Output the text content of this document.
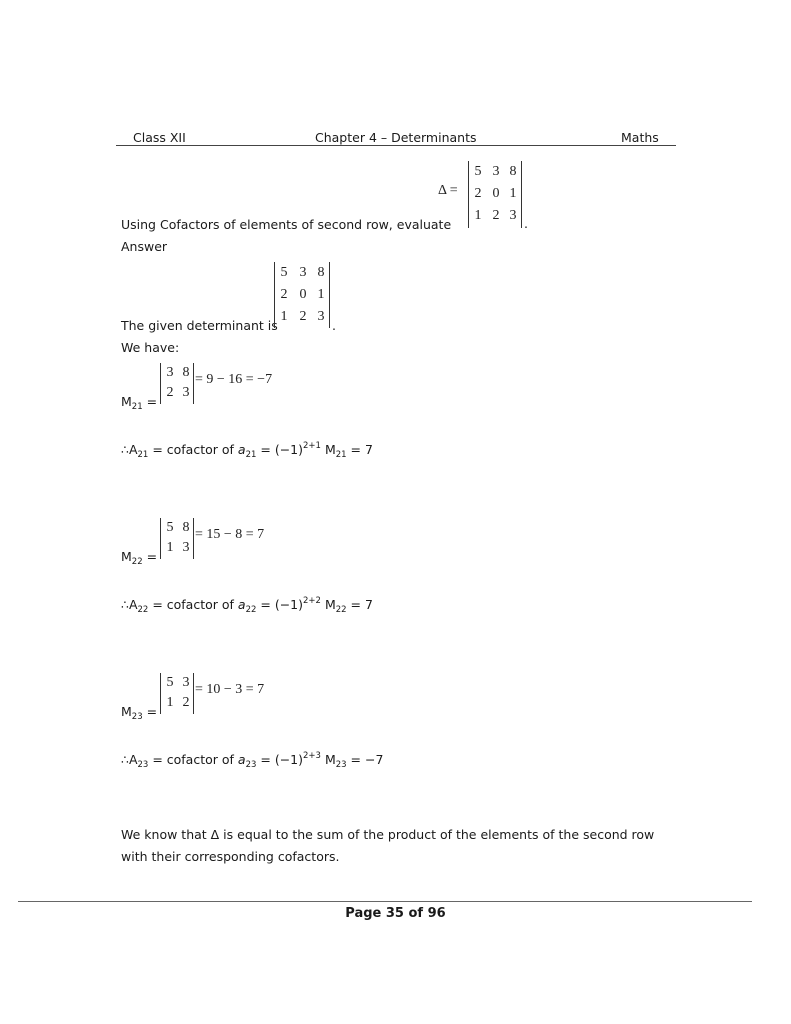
Class XII	Chapter 4 – Determinants	Maths
Using Cofactors of elements of second row, evaluate
Δ =
5	3	8
2	0	1
1	2	3
.
Answer
The given determinant is
5	3	8
2	0	1
1	2	3
.
We have:
$M_{21}$ =
3	8
2	3
= 9 − 16 = −7
$\therefore A_{21}$ = cofactor of $a_{21} = (-1)^{2+1}$ $M_{21} = 7$
$M_{22}$ =
5	8
1	3
= 15 − 8 = 7
$\therefore A_{22}$ = cofactor of $a_{22} = (-1)^{2+2}$ $M_{22} = 7$
$M_{23}$ =
5	3
1	2
= 10 − 3 = 7
$\therefore A_{23}$ = cofactor of $a_{23} = (-1)^{2+3}$ $M_{23} = -7$
We know that Δ is equal to the sum of the product of the elements of the second row
with their corresponding cofactors.
Page 35 of 96
